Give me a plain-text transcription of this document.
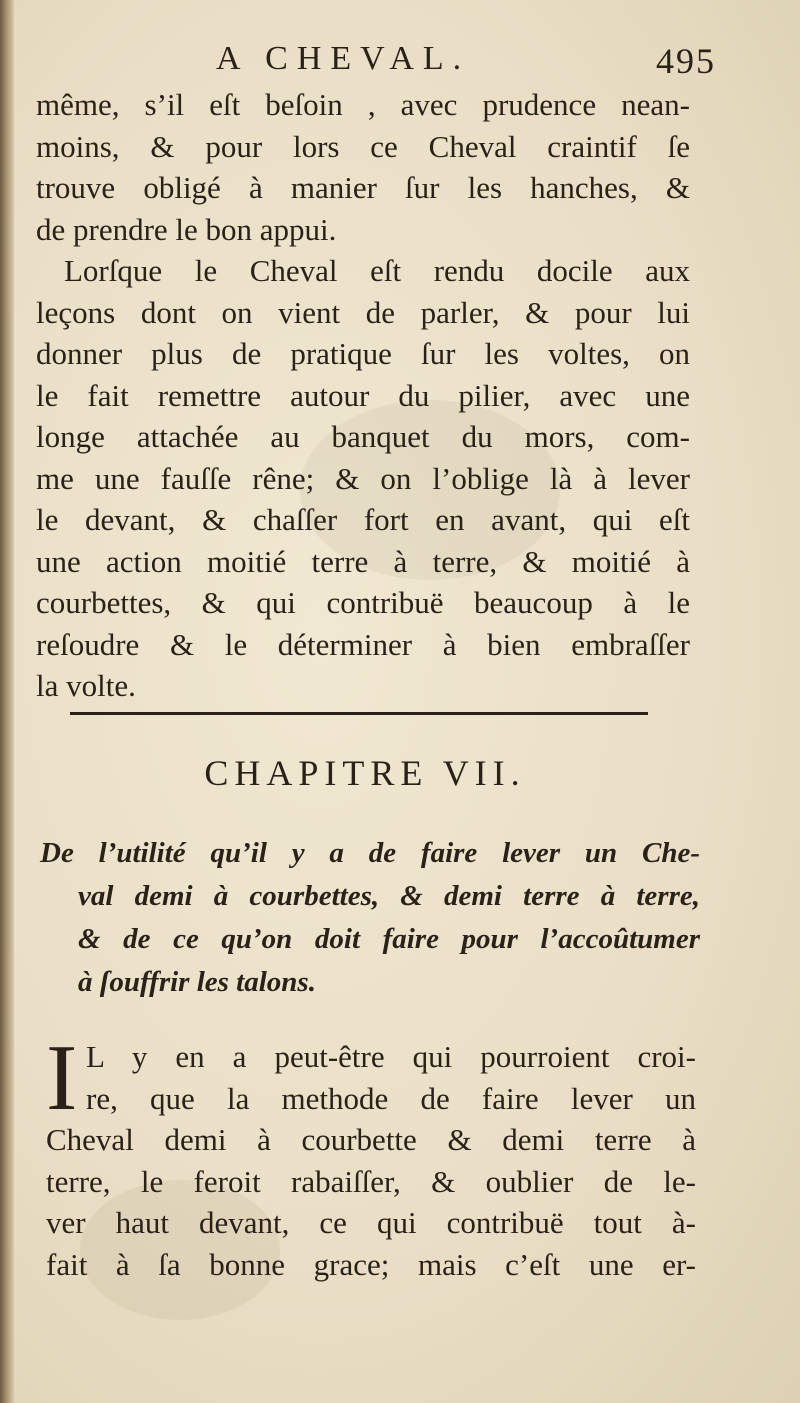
A CHEVAL.	495
même, s’il eſt beſoin , avec prudence nean-
moins, & pour lors ce Cheval craintif ſe
trouve obligé à manier ſur les hanches, &
de prendre le bon appui.
Lorſque le Cheval eſt rendu docile aux
leçons dont on vient de parler, & pour lui
donner plus de pratique ſur les voltes, on
le fait remettre autour du pilier, avec une
longe attachée au banquet du mors, com-
me une fauſſe rêne; & on l’oblige là à lever
le devant, & chaſſer fort en avant, qui eſt
une action moitié terre à terre, & moitié à
courbettes, & qui contribuë beaucoup à le
reſoudre & le déterminer à bien embraſſer
la volte.
CHAPITRE VII.
De l’utilité qu’il y a de faire lever un Che-
val demi à courbettes, & demi terre à terre,
& de ce qu’on doit faire pour l’accoûtumer
à ſouffrir les talons.
I L y en a peut-être qui pourroient croi-
re, que la methode de faire lever un
Cheval demi à courbette & demi terre à
terre, le feroit rabaiſſer, & oublier de le-
ver haut devant, ce qui contribuë tout à-
fait à ſa bonne grace; mais c’eſt une er-
